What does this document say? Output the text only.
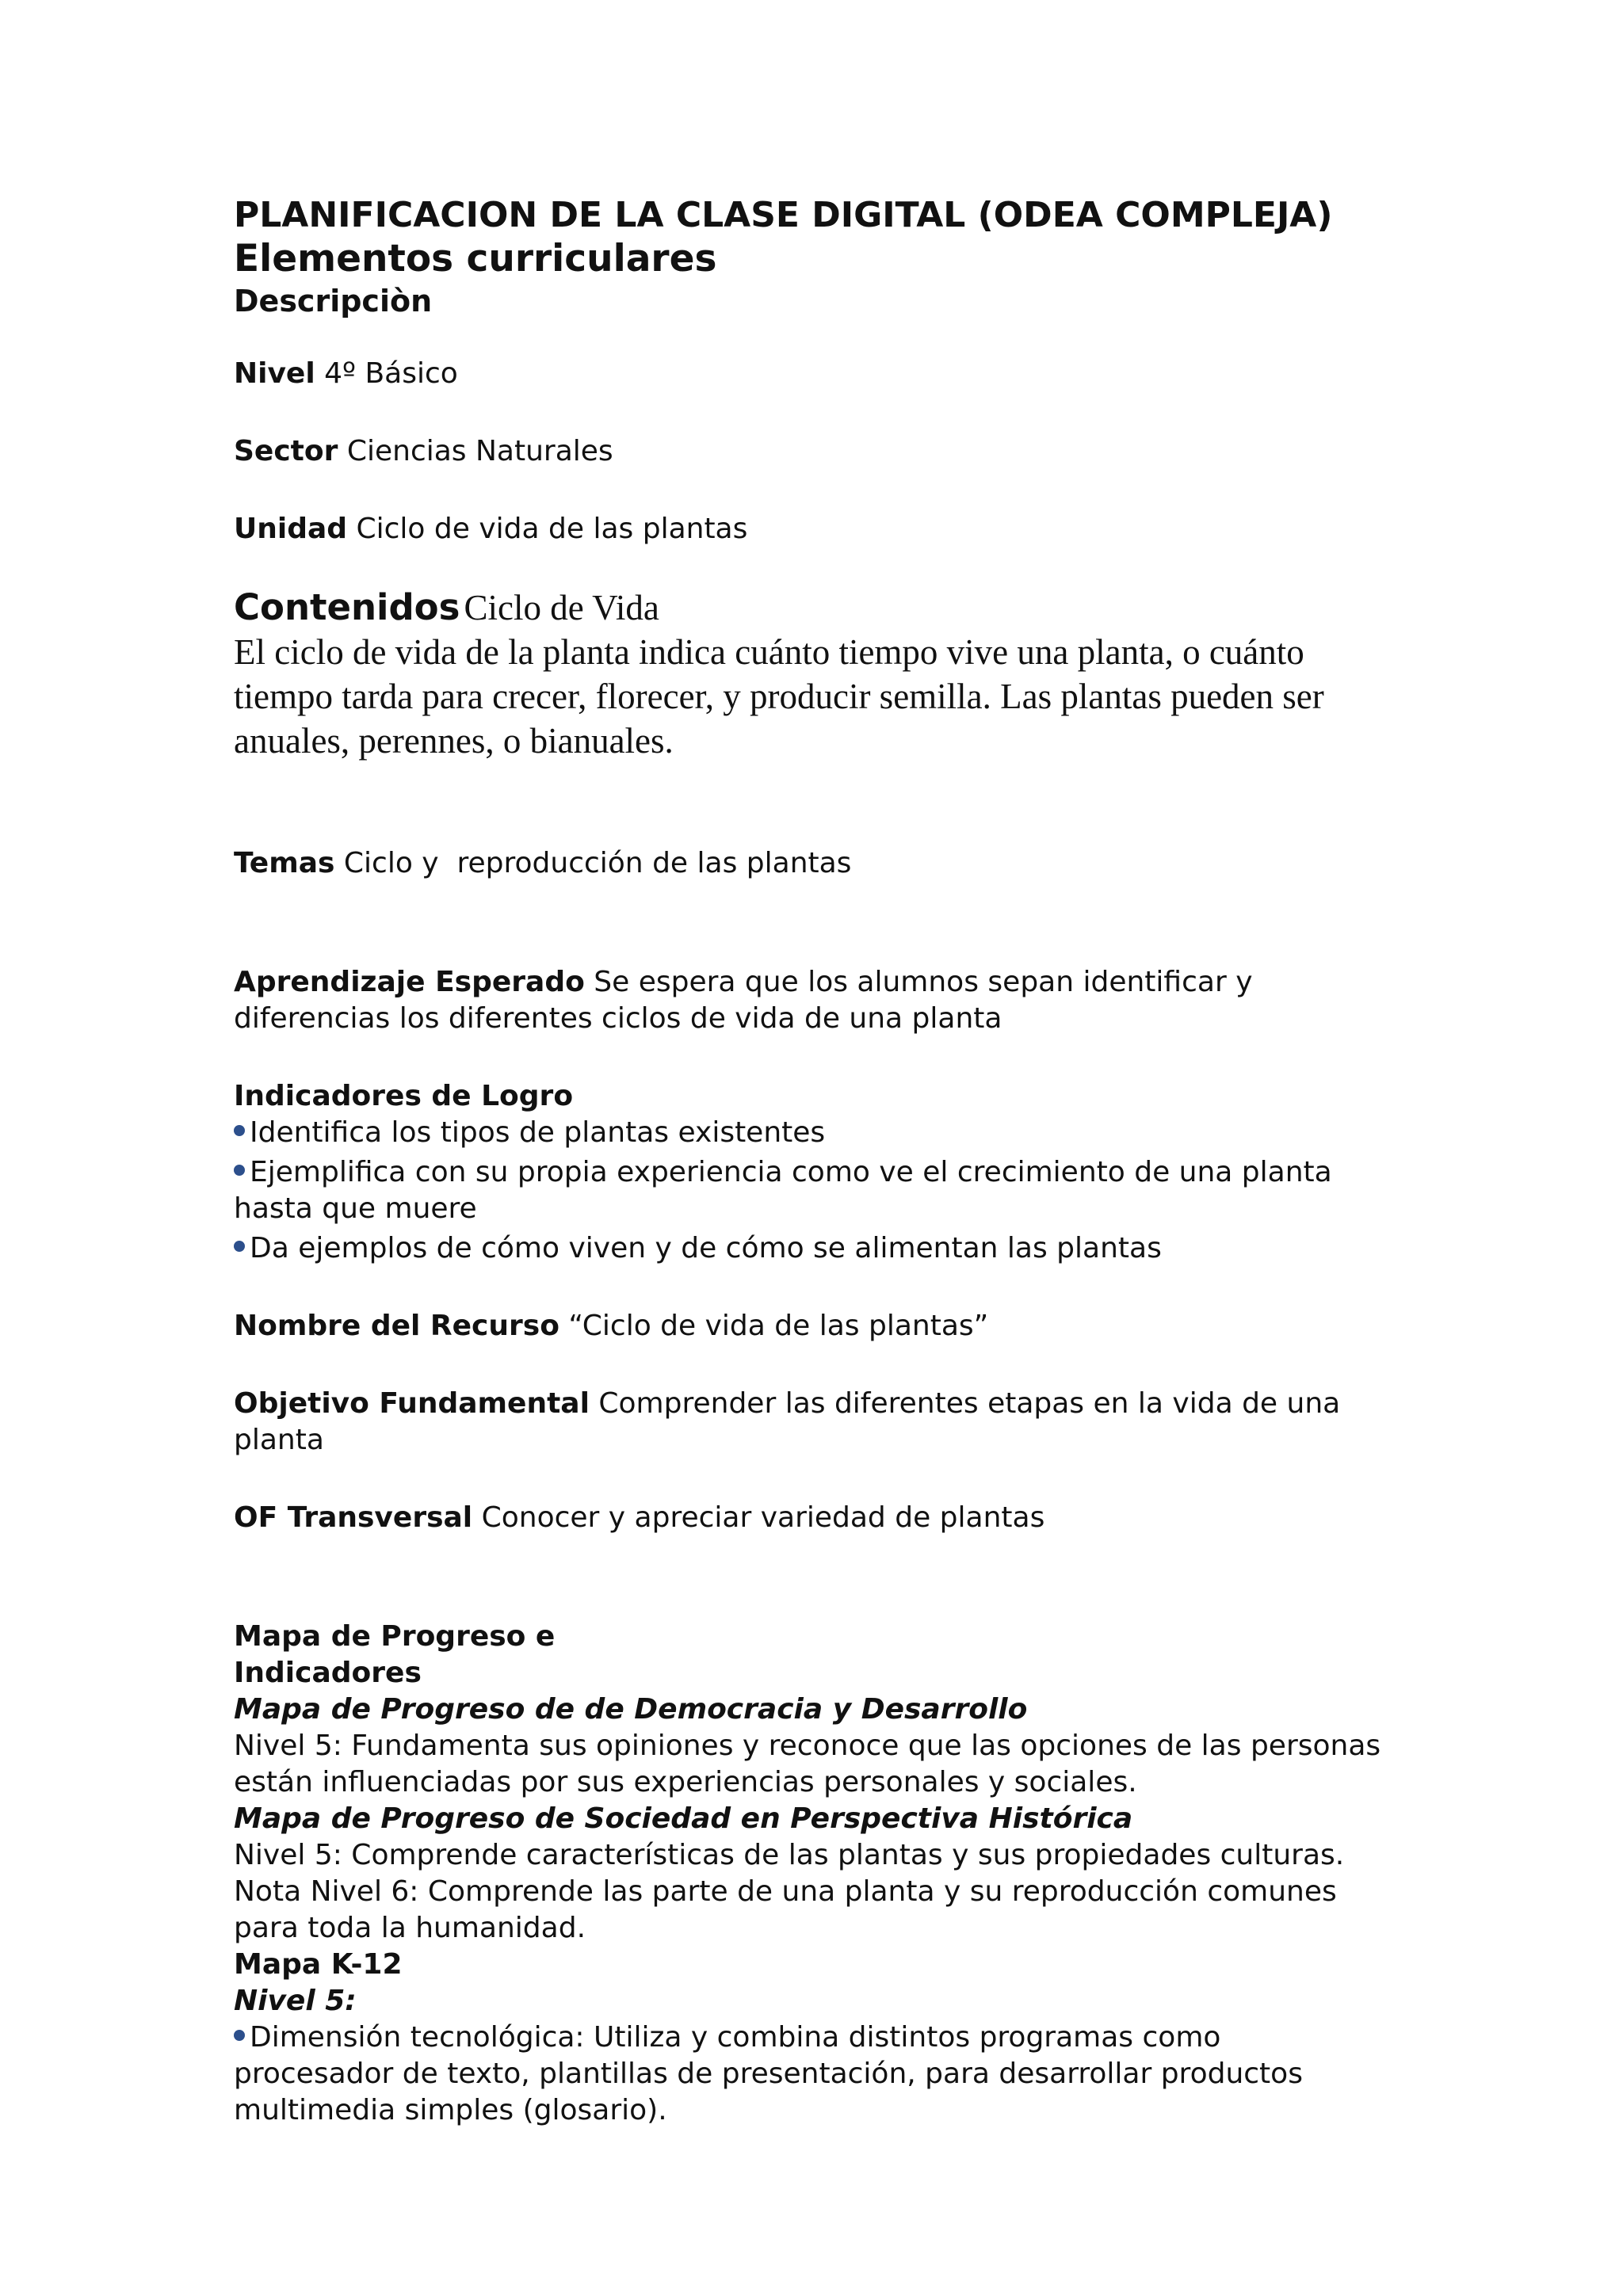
PLANIFICACION DE LA CLASE DIGITAL (ODEA COMPLEJA)

Elementos curriculares

Descripciòn

Nivel 4º Básico

Sector Ciencias Naturales

Unidad Ciclo de vida de las plantas

Contenidos Ciclo de Vida
El ciclo de vida de la planta indica cuánto tiempo vive una planta, o cuánto tiempo tarda para crecer, florecer, y producir semilla. Las plantas pueden ser anuales, perennes, o bianuales.

Temas Ciclo y  reproducción de las plantas

Aprendizaje Esperado Se espera que los alumnos sepan identificar y diferencias los diferentes ciclos de vida de una planta

Indicadores de Logro

Identifica los tipos de plantas existentes
Ejemplifica con su propia experiencia como ve el crecimiento de una planta hasta que muere
Da ejemplos de cómo viven y de cómo se alimentan las plantas

Nombre del Recurso “Ciclo de vida de las plantas”

Objetivo Fundamental Comprender las diferentes etapas en la vida de una planta

OF Transversal Conocer y apreciar variedad de plantas

Mapa de Progreso e

Indicadores

Mapa de Progreso de de Democracia y Desarrollo

Nivel 5: Fundamenta sus opiniones y reconoce que las opciones de las personas están influenciadas por sus experiencias personales y sociales.

Mapa de Progreso de Sociedad en Perspectiva Histórica

Nivel 5: Comprende características de las plantas y sus propiedades culturas.

Nota Nivel 6: Comprende las parte de una planta y su reproducción comunes para toda la humanidad.

Mapa K-12

Nivel 5:

Dimensión tecnológica: Utiliza y combina distintos programas como procesador de texto, plantillas de presentación, para desarrollar productos multimedia simples (glosario).
